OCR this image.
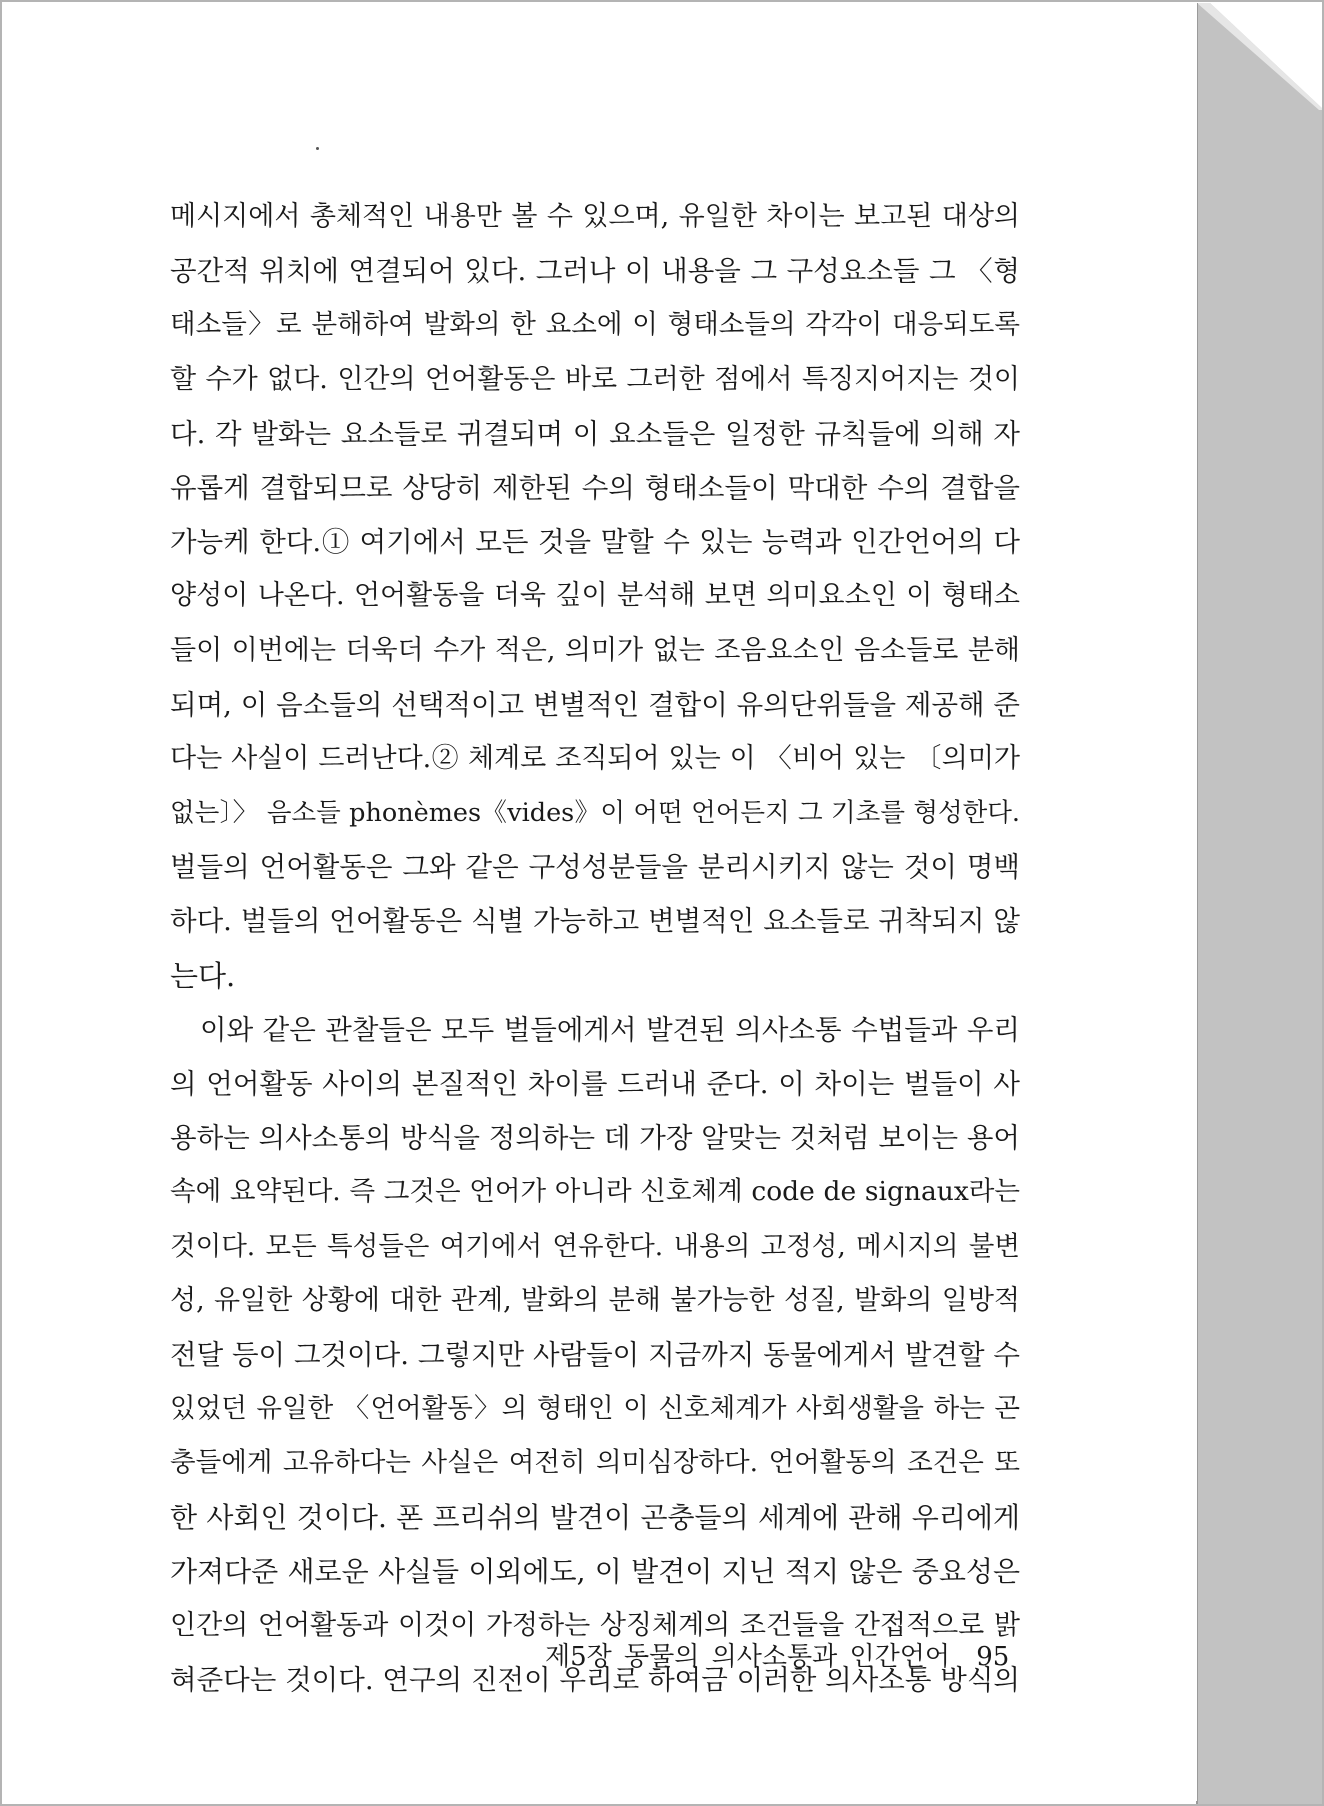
메시지에서 총체적인 내용만 볼 수 있으며, 유일한 차이는 보고된 대상의
공간적 위치에 연결되어 있다. 그러나 이 내용을 그 구성요소들 그 〈형
태소들〉로 분해하여 발화의 한 요소에 이 형태소들의 각각이 대응되도록
할 수가 없다. 인간의 언어활동은 바로 그러한 점에서 특징지어지는 것이
다. 각 발화는 요소들로 귀결되며 이 요소들은 일정한 규칙들에 의해 자
유롭게 결합되므로 상당히 제한된 수의 형태소들이 막대한 수의 결합을
가능케 한다.① 여기에서 모든 것을 말할 수 있는 능력과 인간언어의 다
양성이 나온다. 언어활동을 더욱 깊이 분석해 보면 의미요소인 이 형태소
들이 이번에는 더욱더 수가 적은, 의미가 없는 조음요소인 음소들로 분해
되며, 이 음소들의 선택적이고 변별적인 결합이 유의단위들을 제공해 준
다는 사실이 드러난다.② 체계로 조직되어 있는 이 〈비어 있는 〔의미가
없는〕〉 음소들 phonèmes《vides》이 어떤 언어든지 그 기초를 형성한다.
벌들의 언어활동은 그와 같은 구성성분들을 분리시키지 않는 것이 명백
하다. 벌들의 언어활동은 식별 가능하고 변별적인 요소들로 귀착되지 않
는다.
이와 같은 관찰들은 모두 벌들에게서 발견된 의사소통 수법들과 우리
의 언어활동 사이의 본질적인 차이를 드러내 준다. 이 차이는 벌들이 사
용하는 의사소통의 방식을 정의하는 데 가장 알맞는 것처럼 보이는 용어
속에 요약된다. 즉 그것은 언어가 아니라 신호체계 code de signaux라는
것이다. 모든 특성들은 여기에서 연유한다. 내용의 고정성, 메시지의 불변
성, 유일한 상황에 대한 관계, 발화의 분해 불가능한 성질, 발화의 일방적
전달 등이 그것이다. 그렇지만 사람들이 지금까지 동물에게서 발견할 수
있었던 유일한 〈언어활동〉의 형태인 이 신호체계가 사회생활을 하는 곤
충들에게 고유하다는 사실은 여전히 의미심장하다. 언어활동의 조건은 또
한 사회인 것이다. 폰 프리쉬의 발견이 곤충들의 세계에 관해 우리에게
가져다준 새로운 사실들 이외에도, 이 발견이 지닌 적지 않은 중요성은
인간의 언어활동과 이것이 가정하는 상징체계의 조건들을 간접적으로 밝
혀준다는 것이다. 연구의 진전이 우리로 하여금 이러한 의사소통 방식의
제5장 동물의 의사소통과 인간언어 95
